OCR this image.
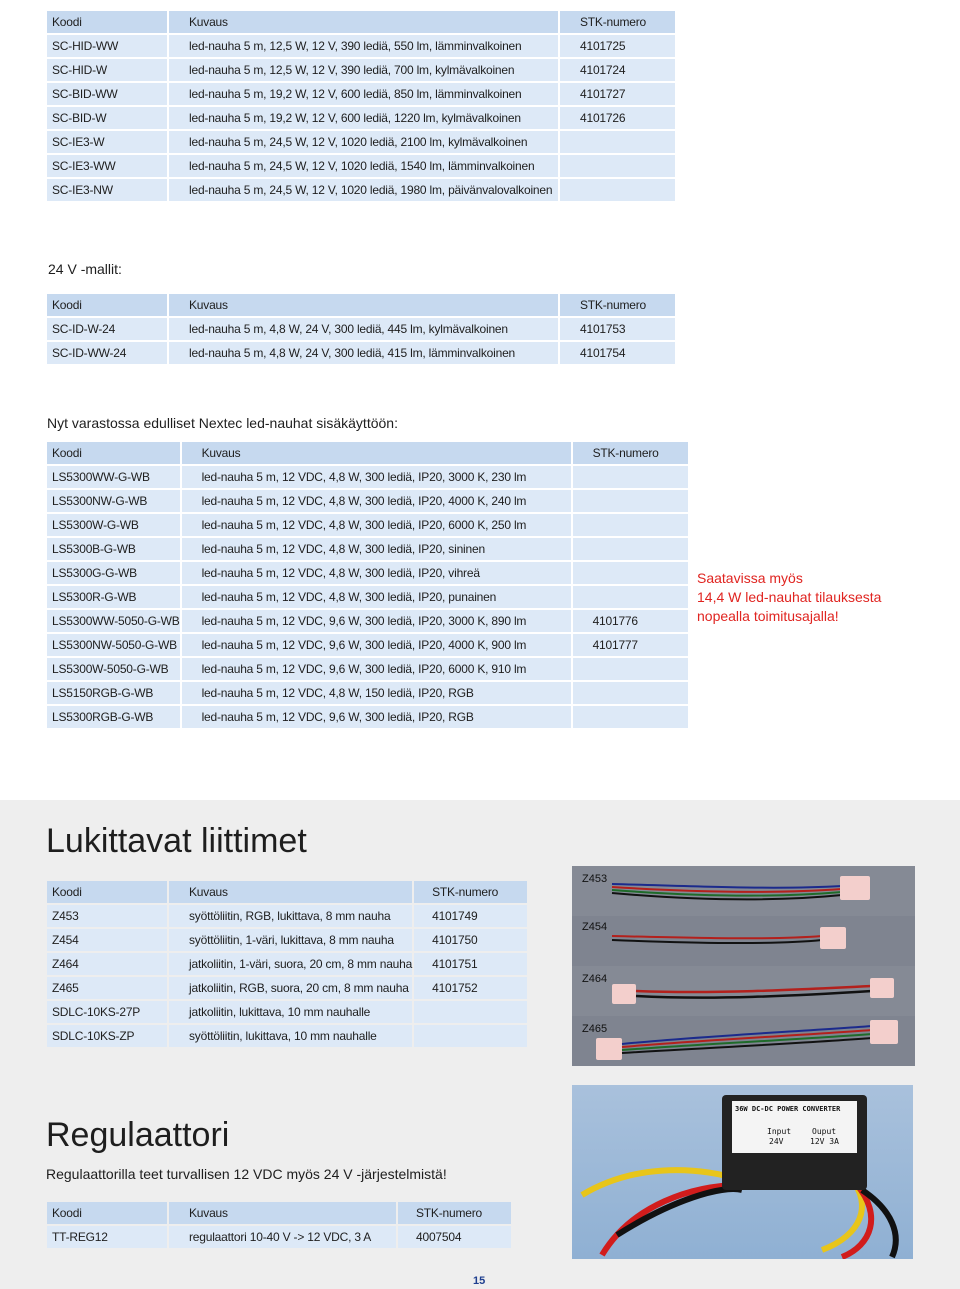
Koodi	Kuvaus	STK-numero
SC-HID-WW	led-nauha 5 m, 12,5 W, 12 V, 390 lediä, 550 lm, lämminvalkoinen	4101725
SC-HID-W	led-nauha 5 m, 12,5 W, 12 V, 390 lediä, 700 lm, kylmävalkoinen	4101724
SC-BID-WW	led-nauha 5 m, 19,2 W, 12 V, 600 lediä, 850 lm, lämminvalkoinen	4101727
SC-BID-W	led-nauha 5 m, 19,2 W, 12 V, 600 lediä, 1220 lm, kylmävalkoinen	4101726
SC-IE3-W	led-nauha 5 m, 24,5 W, 12 V, 1020 lediä, 2100 lm, kylmävalkoinen	
SC-IE3-WW	led-nauha 5 m, 24,5 W, 12 V, 1020 lediä, 1540 lm, lämminvalkoinen	
SC-IE3-NW	led-nauha 5 m, 24,5 W, 12 V, 1020 lediä, 1980 lm, päivänvalovalkoinen	
24 V -mallit:
Koodi	Kuvaus	STK-numero
SC-ID-W-24	led-nauha 5 m, 4,8 W, 24 V, 300 lediä, 445 lm, kylmävalkoinen	4101753
SC-ID-WW-24	led-nauha 5 m, 4,8 W, 24 V, 300 lediä, 415 lm, lämminvalkoinen	4101754
Nyt varastossa edulliset Nextec led-nauhat sisäkäyttöön:
Koodi	Kuvaus	STK-numero
LS5300WW-G-WB	led-nauha 5 m, 12 VDC, 4,8 W, 300 lediä, IP20, 3000 K, 230 lm	
LS5300NW-G-WB	led-nauha 5 m, 12 VDC, 4,8 W, 300 lediä, IP20, 4000 K, 240 lm	
LS5300W-G-WB	led-nauha 5 m, 12 VDC, 4,8 W, 300 lediä, IP20, 6000 K, 250 lm	
LS5300B-G-WB	led-nauha 5 m, 12 VDC, 4,8 W, 300 lediä, IP20, sininen	
LS5300G-G-WB	led-nauha 5 m, 12 VDC, 4,8 W, 300 lediä, IP20, vihreä	
LS5300R-G-WB	led-nauha 5 m, 12 VDC, 4,8 W, 300 lediä, IP20, punainen	
LS5300WW-5050-G-WB	led-nauha 5 m, 12 VDC, 9,6 W, 300 lediä, IP20, 3000 K, 890 lm	4101776
LS5300NW-5050-G-WB	led-nauha 5 m, 12 VDC, 9,6 W, 300 lediä, IP20, 4000 K, 900 lm	4101777
LS5300W-5050-G-WB	led-nauha 5 m, 12 VDC, 9,6 W, 300 lediä, IP20, 6000 K, 910 lm	
LS5150RGB-G-WB	led-nauha 5 m, 12 VDC, 4,8 W, 150 lediä, IP20, RGB	
LS5300RGB-G-WB	led-nauha 5 m, 12 VDC, 9,6 W, 300 lediä, IP20, RGB	
Saatavissa myös
14,4 W led-nauhat tilauksesta
nopealla toimitusajalla!
Lukittavat liittimet
Koodi	Kuvaus	STK-numero
Z453	syöttöliitin, RGB, lukittava, 8 mm nauha	4101749
Z454	syöttöliitin, 1-väri, lukittava, 8 mm nauha	4101750
Z464	jatkoliitin, 1-väri, suora, 20 cm, 8 mm nauha	4101751
Z465	jatkoliitin, RGB, suora, 20 cm, 8 mm nauha	4101752
SDLC-10KS-27P	jatkoliitin, lukittava, 10 mm nauhalle	
SDLC-10KS-ZP	syöttöliitin, lukittava, 10 mm nauhalle	
Z453
Z454
Z464
Z465
Regulaattori
Regulaattorilla teet turvallisen 12 VDC myös 24 V -järjestelmistä!
Koodi	Kuvaus	STK-numero
TT-REG12	regulaattori 10-40 V -> 12 VDC, 3 A	4007504
36W DC-DC POWER CONVERTER
Input
24V
Ouput
12V 3A
15
